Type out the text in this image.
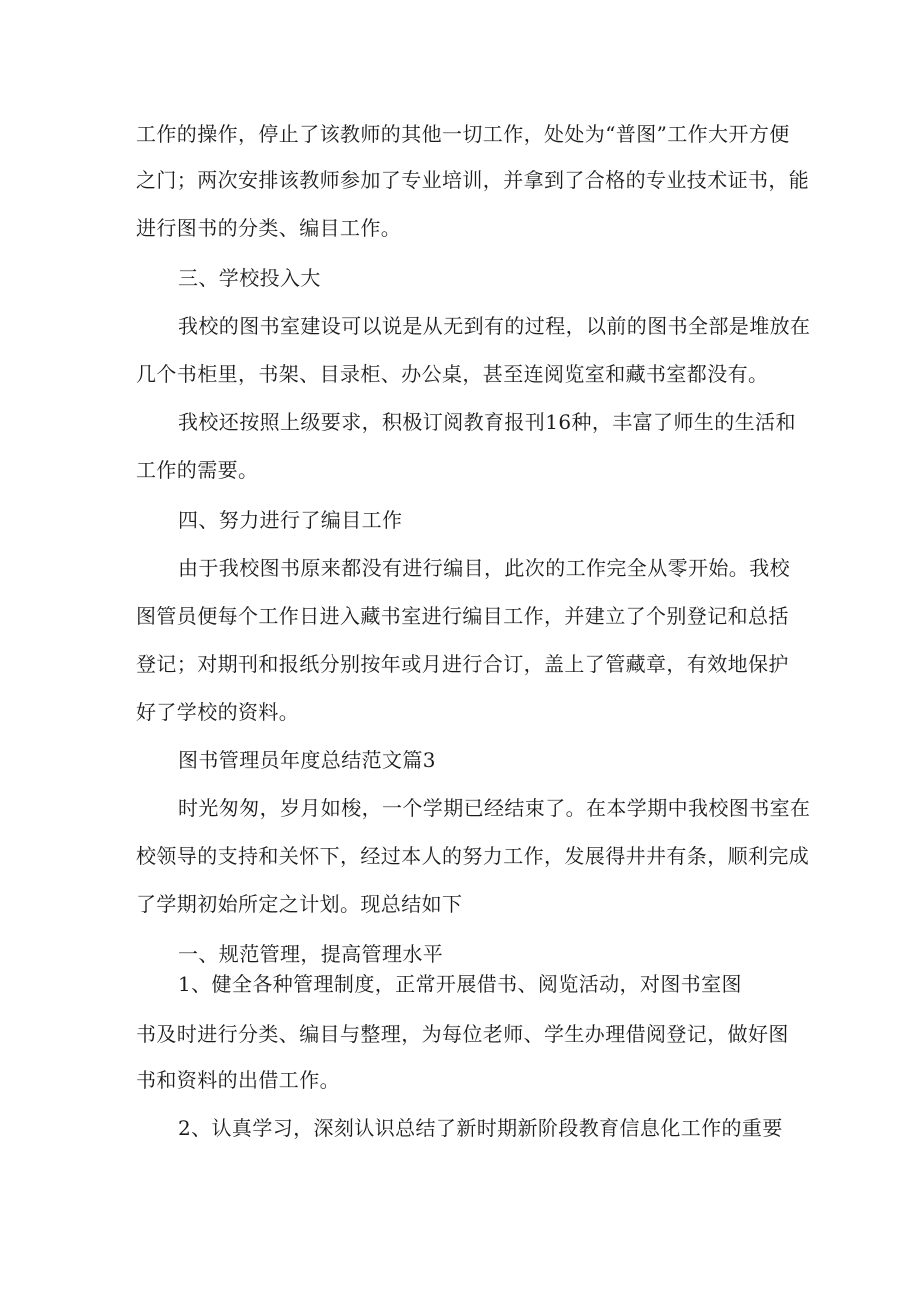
工作的操作，停止了该教师的其他一切工作，处处为“普图”工作大开方便
之门；两次安排该教师参加了专业培训，并拿到了合格的专业技术证书，能
进行图书的分类、编目工作。
三、学校投入大
我校的图书室建设可以说是从无到有的过程，以前的图书全部是堆放在
几个书柜里，书架、目录柜、办公桌，甚至连阅览室和藏书室都没有。
我校还按照上级要求，积极订阅教育报刊16种，丰富了师生的生活和
工作的需要。
四、努力进行了编目工作
由于我校图书原来都没有进行编目，此次的工作完全从零开始。我校
图管员便每个工作日进入藏书室进行编目工作，并建立了个别登记和总括
登记；对期刊和报纸分别按年或月进行合订，盖上了管藏章，有效地保护
好了学校的资料。
图书管理员年度总结范文篇3
时光匆匆，岁月如梭，一个学期已经结束了。在本学期中我校图书室在
校领导的支持和关怀下，经过本人的努力工作，发展得井井有条，顺利完成
了学期初始所定之计划。现总结如下
一、规范管理，提高管理水平
1、健全各种管理制度，正常开展借书、阅览活动，对图书室图
书及时进行分类、编目与整理，为每位老师、学生办理借阅登记，做好图
书和资料的出借工作。
2、认真学习，深刻认识总结了新时期新阶段教育信息化工作的重要
